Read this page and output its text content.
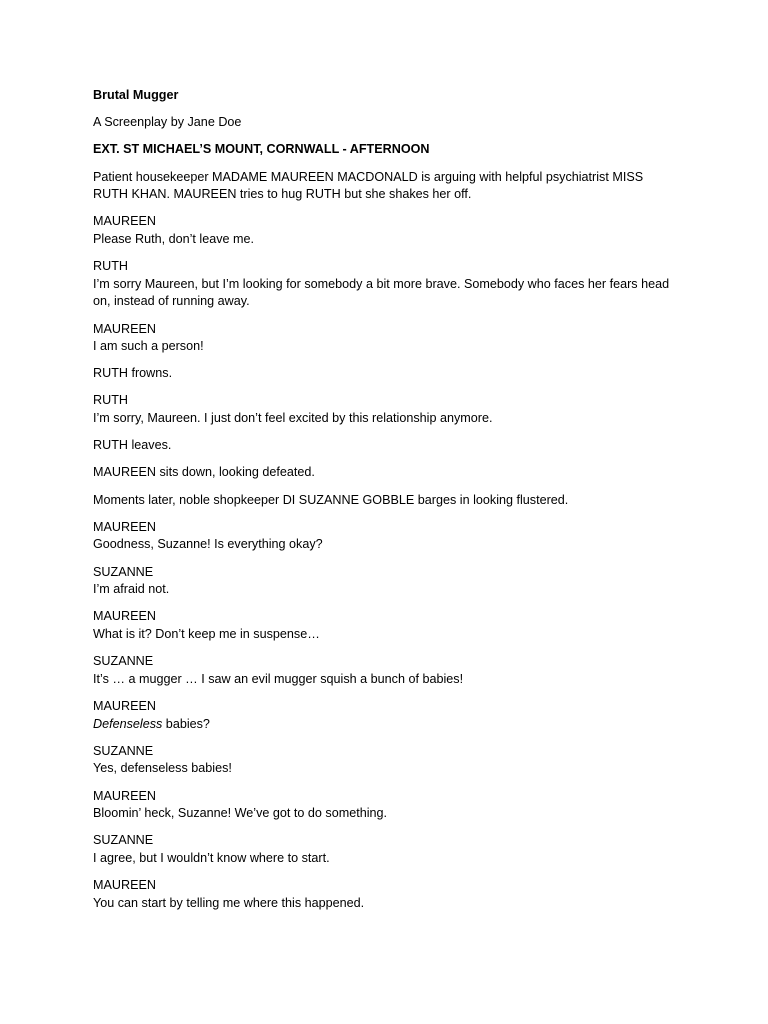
Brutal Mugger

A Screenplay by Jane Doe

EXT. ST MICHAEL’S MOUNT, CORNWALL - AFTERNOON

Patient housekeeper MADAME MAUREEN MACDONALD is arguing with helpful psychiatrist MISS RUTH KHAN. MAUREEN tries to hug RUTH but she shakes her off.

MAUREEN
Please Ruth, don’t leave me.
RUTH
I’m sorry Maureen, but I’m looking for somebody a bit more brave. Somebody who faces her fears head on, instead of running away.
MAUREEN
I am such a person!

RUTH frowns.

RUTH
I’m sorry, Maureen. I just don’t feel excited by this relationship anymore.

RUTH leaves.

MAUREEN sits down, looking defeated.

Moments later, noble shopkeeper DI SUZANNE GOBBLE barges in looking flustered.

MAUREEN
Goodness, Suzanne! Is everything okay?
SUZANNE
I’m afraid not.
MAUREEN
What is it? Don’t keep me in suspense…
SUZANNE
It’s … a mugger … I saw an evil mugger squish a bunch of babies!
MAUREEN
Defenseless babies?
SUZANNE
Yes, defenseless babies!
MAUREEN
Bloomin’ heck, Suzanne! We’ve got to do something.
SUZANNE
I agree, but I wouldn’t know where to start.
MAUREEN
You can start by telling me where this happened.
